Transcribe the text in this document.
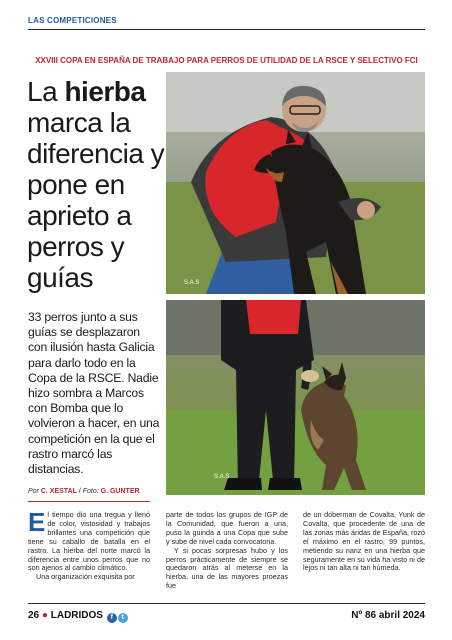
LAS COMPETICIONES
XXVIII COPA EN ESPAÑA DE TRABAJO PARA PERROS DE UTILIDAD DE LA RSCE Y SELECTIVO FCI
La hierba marca la diferencia y pone en aprieto a perros y guías
33 perros junto a sus guías se desplazaron con ilusión hasta Galicia para darlo todo en la Copa de la RSCE. Nadie hizo sombra a Marcos con Bomba que lo volvieron a hacer, en una competición en la que el rastro marcó las distancias.
Por C. XESTAL / Foto: G. GUNTER
S.A.S
S.A.S

El tiempo dio una tregua y llenó de color, vistosidad y trabajos brillantes una competición que tiene su caballo de batalla en el rastro. La hierba del norte marcó la diferencia entre unos perros que no son ajenos al cambio climático.

Una organización exquisita por

parte de todos los grupos de IGP de la Comunidad, que fueron a una, puso la guinda a una Copa que sube y sube de nivel cada convocatoria.

Y si pocas sorpresas hubo y los perros prácticamente de siempre se quedaron atrás al meterse en la hierba, una de las mayores proezas fue

de un dóberman de Covalta, Yunk de Covalta, que procedente de una de las zonas más áridas de España, rozó el máximo en el rastro, 99 puntos, metiendo su nariz en una hierba que seguramente en su vida ha visto ni de lejos ni tan alta ni tan húmeda.

26 ● LADRIDOS f t	Nº 86 abril 2024
